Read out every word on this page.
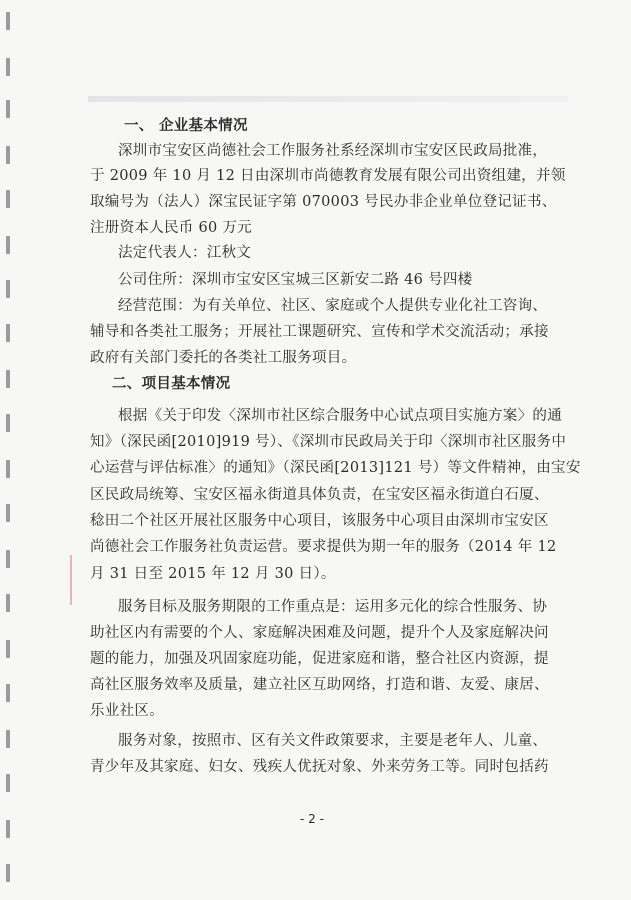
一、 企业基本情况
深圳市宝安区尚德社会工作服务社系经深圳市宝安区民政局批准，
于 2009 年 10 月 12 日由深圳市尚德教育发展有限公司出资组建，并领
取编号为（法人）深宝民证字第 070003 号民办非企业单位登记证书、
注册资本人民币 60 万元
法定代表人：江秋文
公司住所：深圳市宝安区宝城三区新安二路 46 号四楼
经营范围：为有关单位、社区、家庭或个人提供专业化社工咨询、
辅导和各类社工服务；开展社工课题研究、宣传和学术交流活动；承接
政府有关部门委托的各类社工服务项目。
二、项目基本情况
根据《关于印发〈深圳市社区综合服务中心试点项目实施方案〉的通
知》（深民函[2010]919 号）、《深圳市民政局关于印〈深圳市社区服务中
心运营与评估标准〉的通知》（深民函[2013]121 号）等文件精神，由宝安
区民政局统筹、宝安区福永街道具体负责，在宝安区福永街道白石厦、
稔田二个社区开展社区服务中心项目，该服务中心项目由深圳市宝安区
尚德社会工作服务社负责运营。要求提供为期一年的服务（2014 年 12
月 31 日至 2015 年 12 月 30 日）。
服务目标及服务期限的工作重点是：运用多元化的综合性服务、协
助社区内有需要的个人、家庭解决困难及问题，提升个人及家庭解决问
题的能力，加强及巩固家庭功能，促进家庭和谐，整合社区内资源，提
高社区服务效率及质量，建立社区互助网络，打造和谐、友爱、康居、
乐业社区。
服务对象，按照市、区有关文件政策要求，主要是老年人、儿童、
青少年及其家庭、妇女、残疾人优抚对象、外来劳务工等。同时包括药
- 2 -
